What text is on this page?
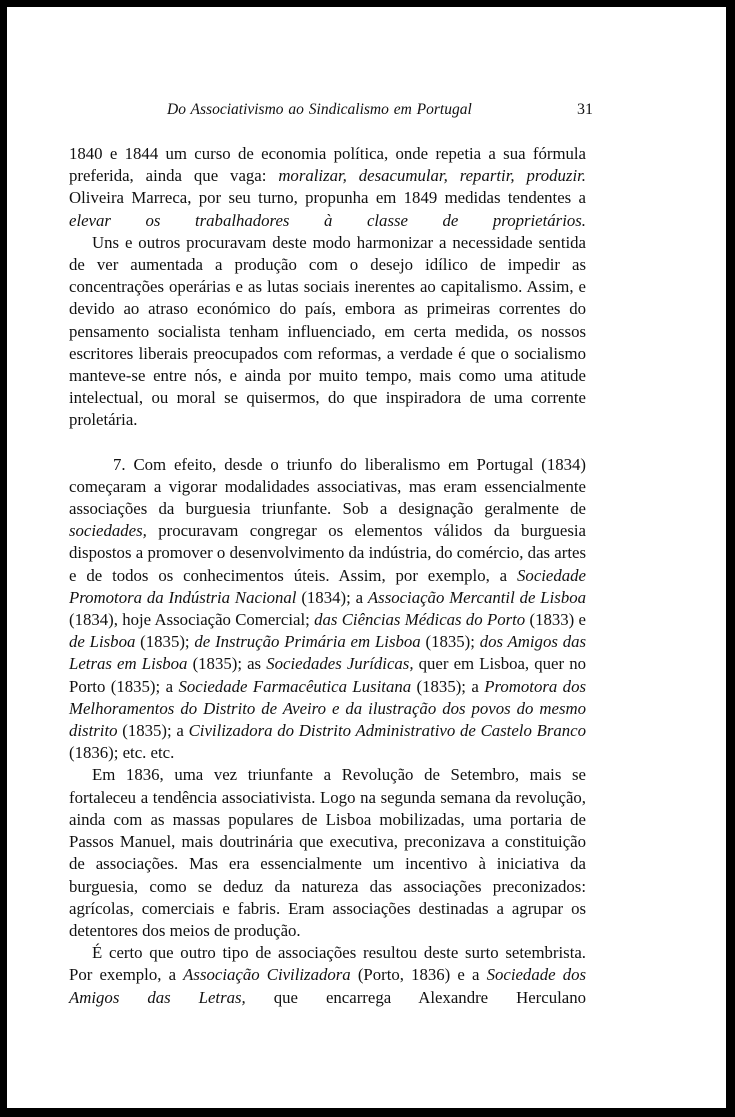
Do Associativismo ao Sindicalismo em Portugal	31

1840 e 1844 um curso de economia política, onde repetia a sua fórmula preferida, ainda que vaga: moralizar, desacumular, repartir, produzir. Oliveira Marreca, por seu turno, propunha em 1849 medidas tendentes a elevar os trabalhadores à classe de proprietários.

Uns e outros procuravam deste modo harmonizar a necessidade sentida de ver aumentada a produção com o desejo idílico de impedir as concentrações operárias e as lutas sociais inerentes ao capitalismo. Assim, e devido ao atraso económico do país, embora as primeiras correntes do pensamento socialista tenham influenciado, em certa medida, os nossos escritores liberais preocupados com reformas, a verdade é que o socialismo manteve-se entre nós, e ainda por muito tempo, mais como uma atitude intelectual, ou moral se quisermos, do que inspiradora de uma corrente proletária.

7. Com efeito, desde o triunfo do liberalismo em Portugal (1834) começaram a vigorar modalidades associativas, mas eram essencialmente associações da burguesia triunfante. Sob a designação geralmente de sociedades, procuravam congregar os elementos válidos da burguesia dispostos a promover o desenvolvimento da indústria, do comércio, das artes e de todos os conhecimentos úteis. Assim, por exemplo, a Sociedade Promotora da Indústria Nacional (1834); a Associação Mercantil de Lisboa (1834), hoje Associação Comercial; das Ciências Médicas do Porto (1833) e de Lisboa (1835); de Instrução Primária em Lisboa (1835); dos Amigos das Letras em Lisboa (1835); as Sociedades Jurídicas, quer em Lisboa, quer no Porto (1835); a Sociedade Farmacêutica Lusitana (1835); a Promotora dos Melhoramentos do Distrito de Aveiro e da ilustração dos povos do mesmo distrito (1835); a Civilizadora do Distrito Administrativo de Castelo Branco (1836); etc. etc.

Em 1836, uma vez triunfante a Revolução de Setembro, mais se fortaleceu a tendência associativista. Logo na segunda semana da revolução, ainda com as massas populares de Lisboa mobilizadas, uma portaria de Passos Manuel, mais doutrinária que executiva, preconizava a constituição de associações. Mas era essencialmente um incentivo à iniciativa da burguesia, como se deduz da natureza das associações preconizados: agrícolas, comerciais e fabris. Eram associações destinadas a agrupar os detentores dos meios de produção.

É certo que outro tipo de associações resultou deste surto setembrista. Por exemplo, a Associação Civilizadora (Porto, 1836) e a Sociedade dos Amigos das Letras, que encarrega Alexandre Herculano
